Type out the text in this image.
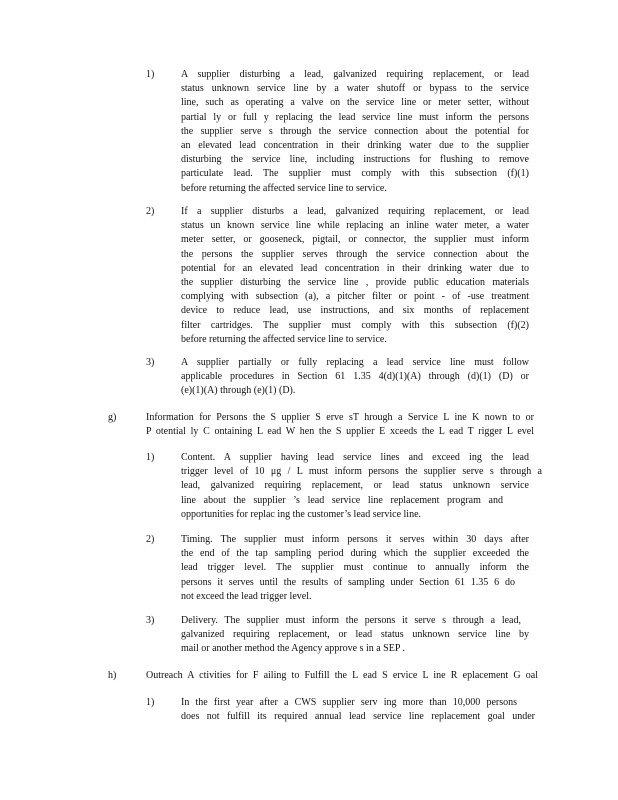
1)	A supplier disturbing a lead, galvanized requiring replacement, or lead
status unknown service line by a water shutoff or bypass to the service
line, such as operating a valve on the service line or meter setter, without
partial ly or full y replacing the lead service line must inform the persons
the supplier serve s through the service connection about the potential for
an elevated lead concentration in their drinking water due to the supplier
disturbing the service line, including instructions for flushing to remove
particulate lead. The supplier must comply with this subsection (f)(1)
before returning the affected service line to service.
2)	If a supplier disturbs a lead, galvanized requiring replacement, or lead
status un known service line while replacing an inline water meter, a water
meter setter, or gooseneck, pigtail, or connector, the supplier must inform
the persons the supplier serves through the service connection about the
potential for an elevated lead concentration in their drinking water due to
the supplier disturbing the service line , provide public education materials
complying with subsection (a), a pitcher filter or point - of -use treatment
device to reduce lead, use instructions, and six months of replacement
filter cartridges. The supplier must comply with this subsection (f)(2)
before returning the affected service line to service.
3)	A supplier partially or fully replacing a lead service line must follow
applicable procedures in Section 61 1.35 4(d)(1)(A) through (d)(1) (D) or
(e)(1)(A) through (e)(1) (D).
g)	Information for Persons the S upplier S erve sT hrough a Service L ine K nown to or
P otential ly C ontaining L ead W hen the S upplier E xceeds the L ead T rigger L evel
1)	Content. A supplier having lead service lines and exceed ing the lead
trigger level of 10 μg / L must inform persons the supplier serve s through a
lead, galvanized requiring replacement, or lead status unknown service
line about the supplier ’s lead service line replacement program and
opportunities for replac ing the customer’s lead service line.
2)	Timing. The supplier must inform persons it serves within 30 days after
the end of the tap sampling period during which the supplier exceeded the
lead trigger level. The supplier must continue to annually inform the
persons it serves until the results of sampling under Section 61 1.35 6 do
not exceed the lead trigger level.
3)	Delivery. The supplier must inform the persons it serve s through a lead,
galvanized requiring replacement, or lead status unknown service line by
mail or another method the Agency approve s in a SEP .
h)	Outreach A ctivities for F ailing to Fulfill the L ead S ervice L ine R eplacement G oal
1)	In the first year after a CWS supplier serv ing more than 10,000 persons
does not fulfill its required annual lead service line replacement goal under
